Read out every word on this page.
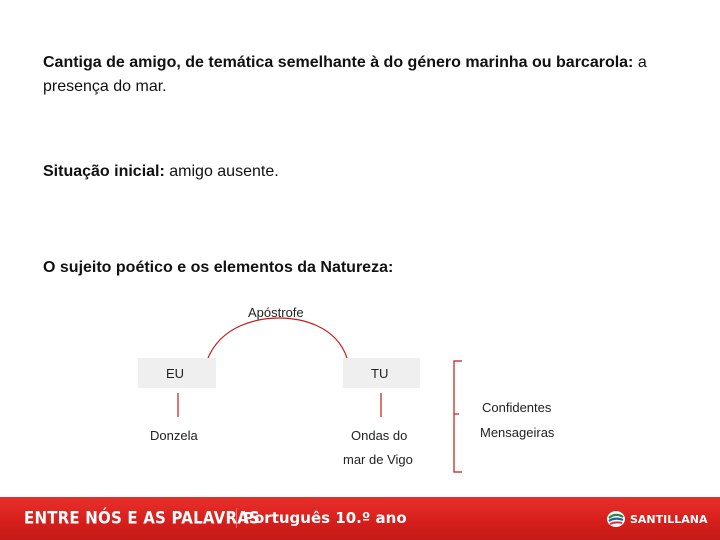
Cantiga de amigo, de temática semelhante à do género marinha ou barcarola: a presença do mar.
Situação inicial: amigo ausente.
O sujeito poético e os elementos da Natureza:
Apóstrofe
EU	TU
Donzela	Ondas do
mar de Vigo
Confidentes
Mensageiras
ENTRE NÓS E AS PALAVRAS
Português 10.º ano	SANTILLANA
